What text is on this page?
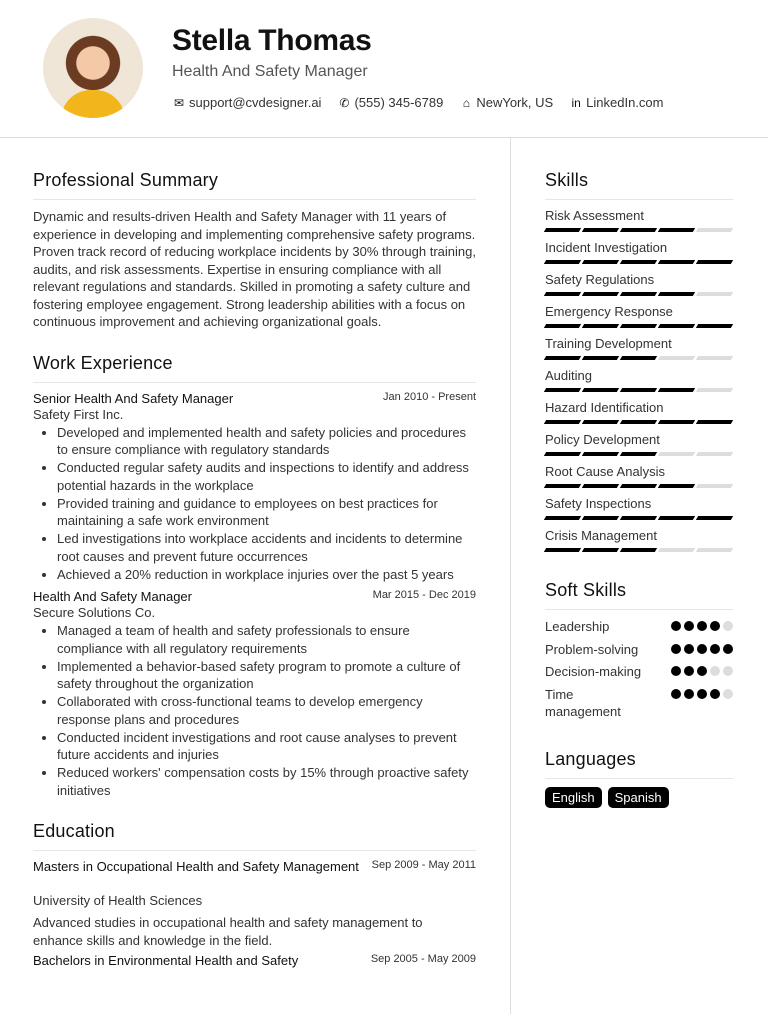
Stella Thomas
Health And Safety Manager
✉ support@cvdesigner.ai ✆ (555) 345-6789 ⌂ NewYork, US in LinkedIn.com
Professional Summary

Dynamic and results-driven Health and Safety Manager with 11 years of experience in developing and implementing comprehensive safety programs. Proven track record of reducing workplace incidents by 30% through training, audits, and risk assessments. Expertise in ensuring compliance with all relevant regulations and standards. Skilled in promoting a safety culture and fostering employee engagement. Strong leadership abilities with a focus on continuous improvement and achieving organizational goals.

Work Experience
Senior Health And Safety Manager	Jan 2010 - Present
Safety First Inc.
• Developed and implemented health and safety policies and procedures to ensure compliance with regulatory standards
• Conducted regular safety audits and inspections to identify and address potential hazards in the workplace
• Provided training and guidance to employees on best practices for maintaining a safe work environment
• Led investigations into workplace accidents and incidents to determine root causes and prevent future occurrences
• Achieved a 20% reduction in workplace injuries over the past 5 years
Health And Safety Manager	Mar 2015 - Dec 2019
Secure Solutions Co.
• Managed a team of health and safety professionals to ensure compliance with all regulatory requirements
• Implemented a behavior-based safety program to promote a culture of safety throughout the organization
• Collaborated with cross-functional teams to develop emergency response plans and procedures
• Conducted incident investigations and root cause analyses to prevent future accidents and injuries
• Reduced workers' compensation costs by 15% through proactive safety initiatives
Education
Masters in Occupational Health and Safety Management Sep 2009 - May 2011
University of Health Sciences

Advanced studies in occupational health and safety management to enhance skills and knowledge in the field.

Bachelors in Environmental Health and Safety	Sep 2005 - May 2009
Skills
Risk Assessment
Incident Investigation
Safety Regulations
Emergency Response
Training Development
Auditing
Hazard Identification
Policy Development
Root Cause Analysis
Safety Inspections
Crisis Management
Soft Skills
Leadership
Problem-solving
Decision-making
Time management
Languages
English	Spanish
